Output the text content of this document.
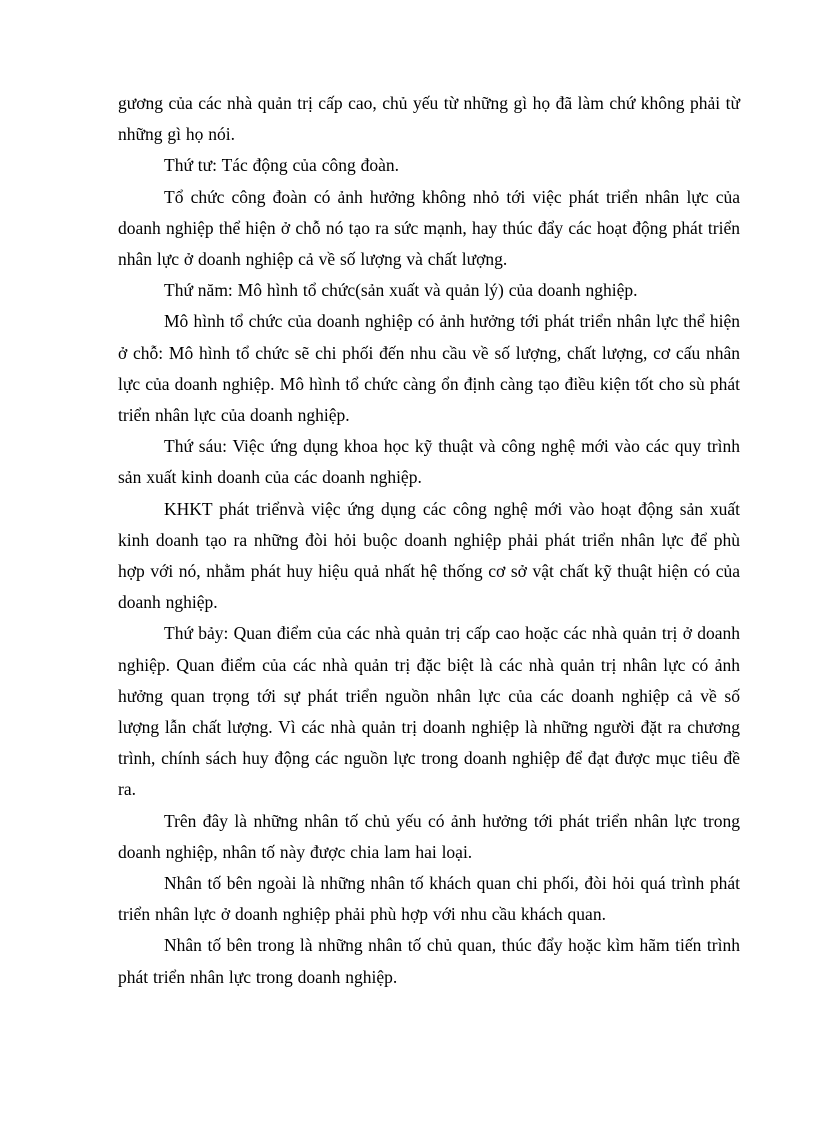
gương của các nhà quản trị cấp cao, chủ yếu từ những gì họ đã làm chứ không phải từ những gì họ nói.

Thứ tư: Tác động của công đoàn.

Tổ chức công đoàn có ảnh hưởng không nhỏ tới việc phát triển nhân lực của doanh nghiệp thể hiện ở chỗ nó tạo ra sức mạnh, hay thúc đẩy các hoạt động phát triển nhân lực ở doanh nghiệp cả về số lượng và chất lượng.

Thứ năm: Mô hình tổ chức(sản xuất và quản lý) của doanh nghiệp.

Mô hình tổ chức của doanh nghiệp có ảnh hưởng tới phát triển nhân lực thể hiện ở chỗ: Mô hình tổ chức sẽ chi phối đến nhu cầu về số lượng, chất lượng, cơ cấu nhân lực của doanh nghiệp. Mô hình tổ chức càng ổn định càng tạo điều kiện tốt cho sù phát triển nhân lực của doanh nghiệp.

Thứ sáu: Việc ứng dụng khoa học kỹ thuật và công nghệ mới vào các quy trình sản xuất kinh doanh của các doanh nghiệp.

KHKT phát triểnvà việc ứng dụng các công nghệ mới vào hoạt động sản xuất kinh doanh tạo ra những đòi hỏi buộc doanh nghiệp phải phát triển nhân lực để phù hợp với nó, nhằm phát huy hiệu quả nhất hệ thống cơ sở vật chất kỹ thuật hiện có của doanh nghiệp.

Thứ bảy: Quan điểm của các nhà quản trị cấp cao hoặc các nhà quản trị ở doanh nghiệp. Quan điểm của các nhà quản trị đặc biệt là các nhà quản trị nhân lực có ảnh hưởng quan trọng tới sự phát triển nguồn nhân lực của các doanh nghiệp cả về số lượng lẫn chất lượng. Vì các nhà quản trị doanh nghiệp là những người đặt ra chương trình, chính sách huy động các nguồn lực trong doanh nghiệp để đạt được mục tiêu đề ra.

Trên đây là những nhân tố chủ yếu có ảnh hưởng tới phát triển nhân lực trong doanh nghiệp, nhân tố này được chia lam hai loại.

Nhân tố bên ngoài là những nhân tố khách quan chi phối, đòi hỏi quá trình phát triển nhân lực ở doanh nghiệp phải phù hợp với nhu cầu khách quan.

Nhân tố bên trong là những nhân tố chủ quan, thúc đẩy hoặc kìm hãm tiến trình phát triển nhân lực trong doanh nghiệp.
